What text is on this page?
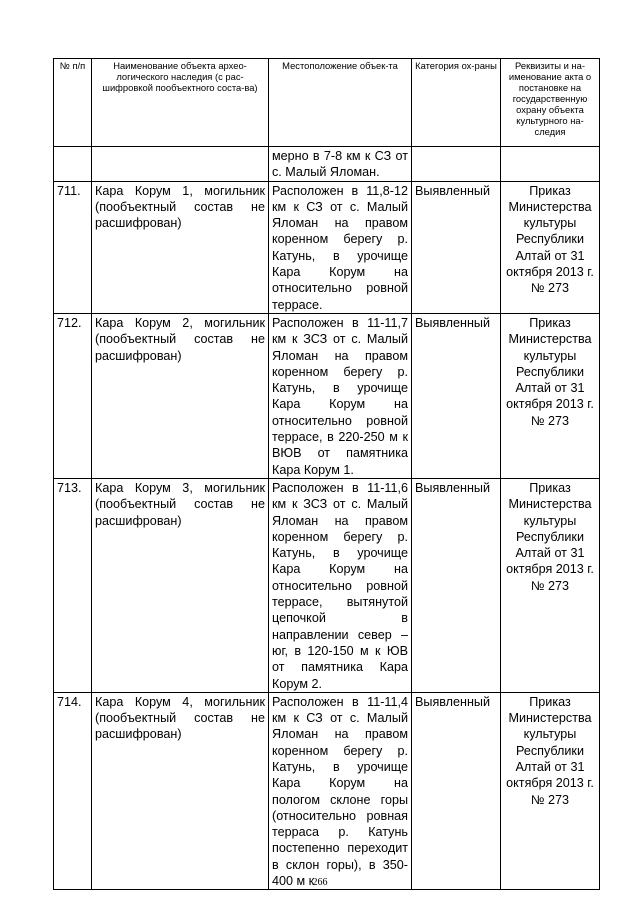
№ п/п	Наименование объекта архео-логического наследия (с рас-шифровкой пообъектного соста-ва)	Местоположение объек-та	Категория ох-раны	Реквизиты и на-именование акта о постановке на государственную охрану объекта культурного на-следия
		мерно в 7-8 км к СЗ от с. Малый Яломан.		
711.	Кара Корум 1, могильник (пообъектный состав не расшифрован)	Расположен в 11,8-12 км к СЗ от с. Малый Яломан на правом коренном берегу р. Катунь, в урочище Кара Корум на относительно ровной террасе.	Выявленный	Приказ Министерства культуры Республики Алтай от 31 октября 2013 г. № 273
712.	Кара Корум 2, могильник (пообъектный состав не расшифрован)	Расположен в 11-11,7 км к ЗСЗ от с. Малый Яломан на правом коренном берегу р. Катунь, в урочище Кара Корум на относительно ровной террасе, в 220-250 м к ВЮВ от памятника Кара Корум 1.	Выявленный	Приказ Министерства культуры Республики Алтай от 31 октября 2013 г. № 273
713.	Кара Корум 3, могильник (пообъектный состав не расшифрован)	Расположен в 11-11,6 км к ЗСЗ от с. Малый Яломан на правом коренном берегу р. Катунь, в урочище Кара Корум на относительно ровной террасе, вытянутой цепочкой в направлении север – юг, в 120-150 м к ЮВ от памятника Кара Корум 2.	Выявленный	Приказ Министерства культуры Республики Алтай от 31 октября 2013 г. № 273
714.	Кара Корум 4, могильник (пообъектный состав не расшифрован)	Расположен в 11-11,4 км к СЗ от с. Малый Яломан на правом коренном берегу р. Катунь, в урочище Кара Корум на пологом склоне горы (относительно ровная терраса р. Катунь постепенно переходит в склон горы), в 350-400 м к	Выявленный	Приказ Министерства культуры Республики Алтай от 31 октября 2013 г. № 273
266
